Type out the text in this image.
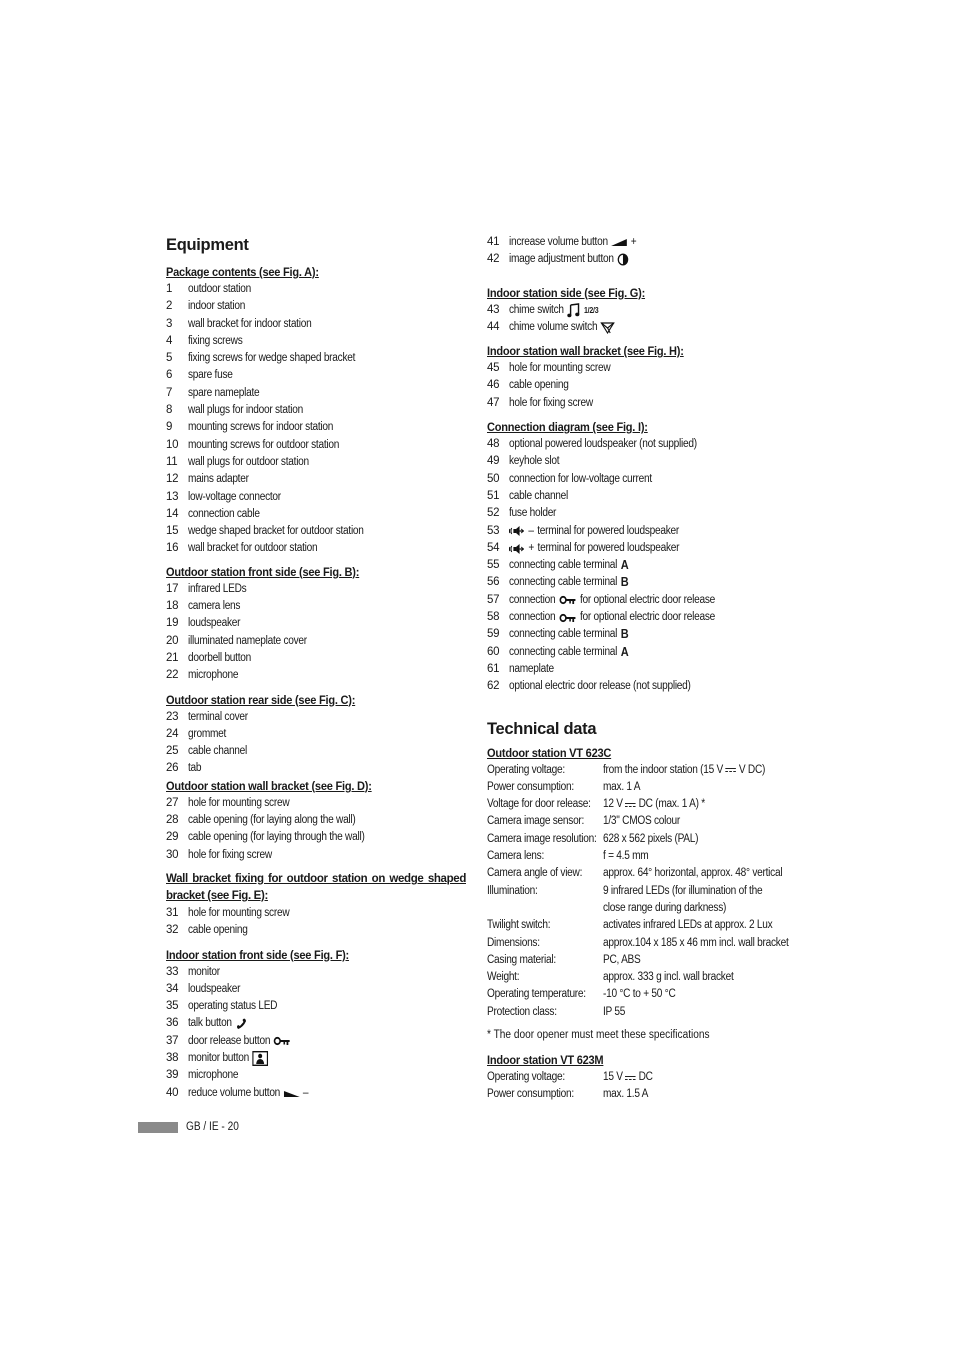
Equipment
Package contents (see Fig. A):
1	outdoor station
2	indoor station
3	wall bracket for indoor station
4	fixing screws
5	fixing screws for wedge shaped bracket
6	spare fuse
7	spare nameplate
8	wall plugs for indoor station
9	mounting screws for indoor station
10 mounting screws for outdoor station
11 wall plugs for outdoor station
12 mains adapter
13 low-voltage connector
14 connection cable
15 wedge shaped bracket for outdoor station
16 wall bracket for outdoor station
Outdoor station front side (see Fig. B):
17 infrared LEDs
18 camera lens
19 loudspeaker
20 illuminated nameplate cover
21 doorbell button
22 microphone
Outdoor station rear side (see Fig. C):
23 terminal cover
24 grommet
25 cable channel
26 tab
Outdoor station wall bracket (see Fig. D):
27 hole for mounting screw
28 cable opening (for laying along the wall)
29 cable opening (for laying through the wall)
30 hole for fixing screw
Wall bracket fixing for outdoor station on wedge shaped bracket (see Fig. E):
31 hole for mounting screw
32 cable opening
Indoor station front side (see Fig. F):
33 monitor
34 loudspeaker
35 operating status LED
36 talk button
37 door release button
38 monitor button
39 microphone
40 reduce volume button –
41 increase volume button +
42 image adjustment button
Indoor station side (see Fig. G):
43 chime switch	1/2/3
44 chime volume switch
Indoor station wall bracket (see Fig. H):
45 hole for mounting screw
46 cable opening
47 hole for fixing screw
Connection diagram (see Fig. I):
48 optional powered loudspeaker (not supplied)
49 keyhole slot
50 connection for low-voltage current
51 cable channel
52 fuse holder
53	– terminal for powered loudspeaker
54	+ terminal for powered loudspeaker
55 connecting cable terminal A
56 connecting cable terminal B
57 connection for optional electric door release
58 connection for optional electric door release
59 connecting cable terminal B
60 connecting cable terminal A
61 nameplate
62 optional electric door release (not supplied)
Technical data
Outdoor station VT 623C
Operating voltage:	from the indoor station (15 V V DC)
Power consumption:	max. 1 A
Voltage for door release: 12 V DC (max. 1 A) *
Camera image sensor:	1/3" CMOS colour
Camera image resolution: 628 x 562 pixels (PAL)
Camera lens:	f = 4.5 mm
Camera angle of view:	approx. 64° horizontal, approx. 48° vertical
Illumination:	9 infrared LEDs (for illumination of the close range during darkness)
Twilight switch:	activates infrared LEDs at approx. 2 Lux
Dimensions:	approx.104 x 185 x 46 mm incl. wall bracket
Casing material:	PC, ABS
Weight:	approx. 333 g incl. wall bracket
Operating temperature: -10 °C to + 50 °C
Protection class:	IP 55
* The door opener must meet these specifications
Indoor station VT 623M
Operating voltage:	15 V DC
Power consumption:	max. 1.5 A
GB / IE - 20
